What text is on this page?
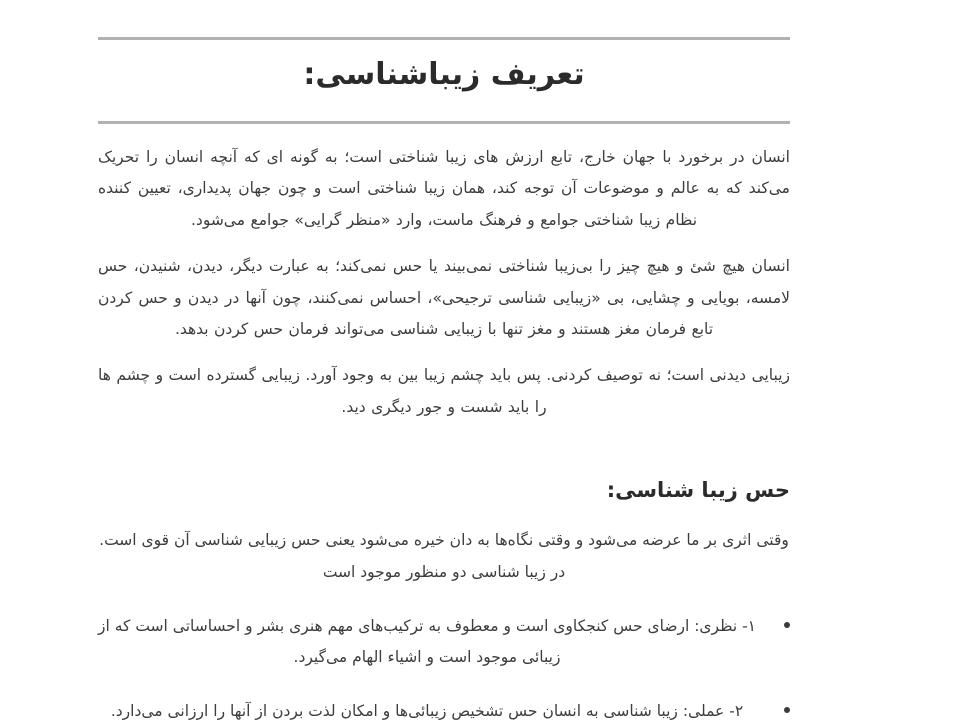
تعریف زیباشناسی:

انسان در برخورد با جهان خارج، تابع ارزش های زیبا شناختی است؛ به گونه ای که آنچه انسان را تحریک می‌کند که به عالم و موضوعات آن توجه کند، همان زیبا شناختی است و چون جهان پدیداری، تعیین کننده نظام زیبا شناختی جوامع و فرهنگ ماست، وارد «منظر گرایی» جوامع می‌شود.

انسان هیچ شئ و هیچ چیز را بی‌زیبا شناختی نمی‌بیند یا حس نمی‌کند؛ به عبارت دیگر، دیدن، شنیدن، حس لامسه، بویایی و چشایی، بی «زیبایی شناسی ترجیحی»، احساس نمی‌کنند، چون آنها در دیدن و حس کردن تابع فرمان مغز هستند و مغز تنها با زیبایی شناسی می‌تواند فرمان حس کردن بدهد.

زیبایی دیدنی است؛ نه توصیف کردنی. پس باید چشم زیبا بین به وجود آورد. زیبایی گسترده است و چشم ها را باید شست و جور دیگری دید.

حس زیبا شناسی:

وقتی اثری بر ما عرضه می‌شود و وقتی نگاه‌ها به دان خیره می‌شود یعنی حس زیبایی شناسی آن قوی است.

در زیبا شناسی دو منظور موجود است

۱- نظری: ارضای حس کنجکاوی است و معطوف به ترکیب‌های مهم هنری بشر و احساساتی است که از زیبائی موجود است و اشیاء الهام می‌گیرد.
۲- عملی: زیبا شناسی به انسان حس تشخیص زیبائی‌ها و امکان لذت بردن از آنها را ارزانی می‌دارد.
